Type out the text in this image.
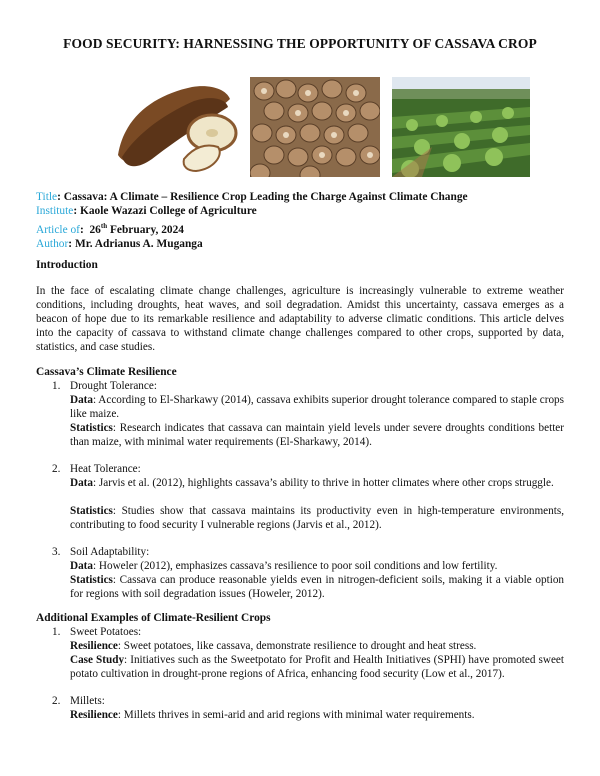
FOOD SECURITY: HARNESSING THE OPPORTUNITY OF CASSAVA CROP
Title: Cassava: A Climate – Resilience Crop Leading the Charge Against Climate Change
Institute: Kaole Wazazi College of Agriculture
Article of:  26th February, 2024
Author: Mr. Adrianus A. Muganga
Introduction
In the face of escalating climate change challenges, agriculture is increasingly vulnerable to extreme weather conditions, including droughts, heat waves, and soil degradation. Amidst this uncertainty, cassava emerges as a beacon of hope due to its remarkable resilience and adaptability to adverse climatic conditions. This article delves into the capacity of cassava to withstand climate change challenges compared to other crops, supported by data, statistics, and case studies.
Cassava’s Climate Resilience
1. Drought Tolerance:
Data: According to El-Sharkawy (2014), cassava exhibits superior drought tolerance compared to staple crops like maize.
Statistics: Research indicates that cassava can maintain yield levels under severe droughts conditions better than maize, with minimal water requirements (El-Sharkawy, 2014).
2. Heat Tolerance:
Data: Jarvis et al. (2012), highlights cassava’s ability to thrive in hotter climates where other crops struggle.
Statistics: Studies show that cassava maintains its productivity even in high-temperature environments, contributing to food security I vulnerable regions (Jarvis et al., 2012).
3. Soil Adaptability:
Data: Howeler (2012), emphasizes cassava’s resilience to poor soil conditions and low fertility.
Statistics: Cassava can produce reasonable yields even in nitrogen-deficient soils, making it a viable option for regions with soil degradation issues (Howeler, 2012).
Additional Examples of Climate-Resilient Crops
1. Sweet Potatoes:
Resilience: Sweet potatoes, like cassava, demonstrate resilience to drought and heat stress.
Case Study: Initiatives such as the Sweetpotato for Profit and Health Initiatives (SPHI) have promoted sweet potato cultivation in drought-prone regions of Africa, enhancing food security (Low et al., 2017).
2. Millets:
Resilience: Millets thrives in semi-arid and arid regions with minimal water requirements.
